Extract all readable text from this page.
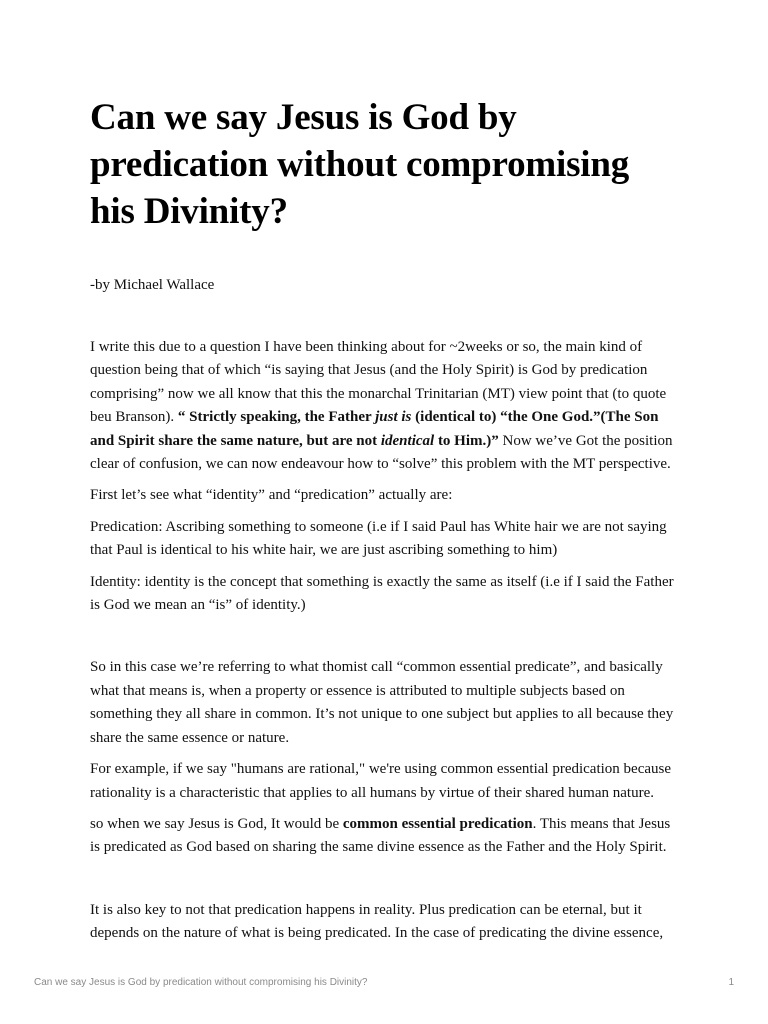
Can we say Jesus is God by predication without compromising his Divinity?
-by Michael Wallace

I write this due to a question I have been thinking about for ~2weeks or so, the main kind of question being that of which “is saying that Jesus (and the Holy Spirit) is God by predication comprising” now we all know that this the monarchal Trinitarian (MT) view point that (to quote beu Branson). “ Strictly speaking, the Father just is (identical to) “the One God.”(The Son and Spirit share the same nature, but are not identical to Him.)” Now we’ve Got the position clear of confusion, we can now endeavour how to “solve” this problem with the MT perspective.

First let’s see what “identity” and “predication” actually are:

Predication: Ascribing something to someone (i.e if I said Paul has White hair we are not saying that Paul is identical to his white hair, we are just ascribing something to him)

Identity: identity is the concept that something is exactly the same as itself (i.e if I said the Father is God we mean an “is” of identity.)

So in this case we’re referring to what thomist call “common essential predicate”, and basically what that means is, when a property or essence is attributed to multiple subjects based on something they all share in common. It’s not unique to one subject but applies to all because they share the same essence or nature.

For example, if we say "humans are rational," we're using common essential predication because rationality is a characteristic that applies to all humans by virtue of their shared human nature.

so when we say Jesus is God, It would be common essential predication. This means that Jesus is predicated as God based on sharing the same divine essence as the Father and the Holy Spirit.

It is also key to not that predication happens in reality. Plus predication can be eternal, but it depends on the nature of what is being predicated. In the case of predicating the divine essence,

Can we say Jesus is God by predication without compromising his Divinity?	1
